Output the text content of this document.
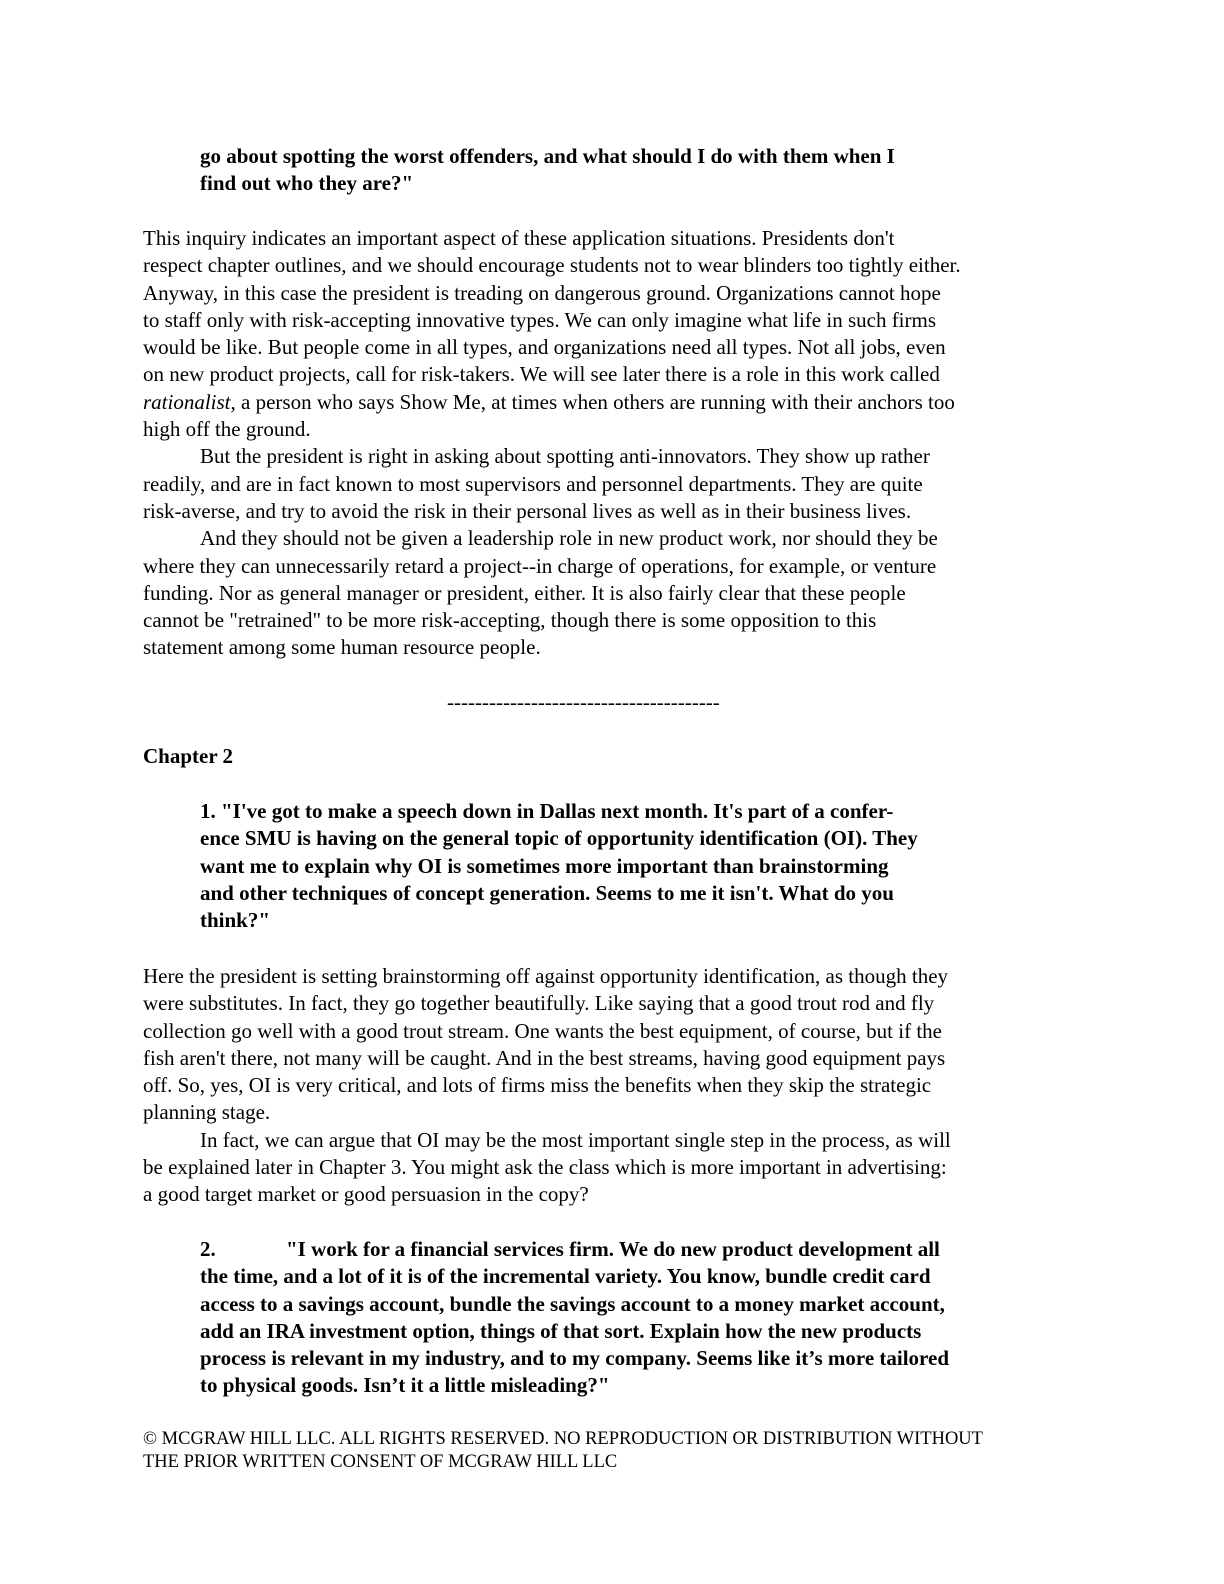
go about spotting the worst offenders, and what should I do with them when I
find out who they are?"
This inquiry indicates an important aspect of these application situations. Presidents don't
respect chapter outlines, and we should encourage students not to wear blinders too tightly either.
Anyway, in this case the president is treading on dangerous ground. Organizations cannot hope
to staff only with risk-accepting innovative types. We can only imagine what life in such firms
would be like. But people come in all types, and organizations need all types. Not all jobs, even
on new product projects, call for risk-takers. We will see later there is a role in this work called
rationalist, a person who says Show Me, at times when others are running with their anchors too
high off the ground.
But the president is right in asking about spotting anti-innovators. They show up rather
readily, and are in fact known to most supervisors and personnel departments. They are quite
risk-averse, and try to avoid the risk in their personal lives as well as in their business lives.
And they should not be given a leadership role in new product work, nor should they be
where they can unnecessarily retard a project--in charge of operations, for example, or venture
funding. Nor as general manager or president, either. It is also fairly clear that these people
cannot be "retrained" to be more risk-accepting, though there is some opposition to this
statement among some human resource people.
---------------------------------------
Chapter 2
1. "I've got to make a speech down in Dallas next month. It's part of a confer-
ence SMU is having on the general topic of opportunity identification (OI). They
want me to explain why OI is sometimes more important than brainstorming
and other techniques of concept generation. Seems to me it isn't. What do you
think?"
Here the president is setting brainstorming off against opportunity identification, as though they
were substitutes. In fact, they go together beautifully. Like saying that a good trout rod and fly
collection go well with a good trout stream. One wants the best equipment, of course, but if the
fish aren't there, not many will be caught. And in the best streams, having good equipment pays
off. So, yes, OI is very critical, and lots of firms miss the benefits when they skip the strategic
planning stage.
In fact, we can argue that OI may be the most important single step in the process, as will
be explained later in Chapter 3. You might ask the class which is more important in advertising:
a good target market or good persuasion in the copy?
2.	"I work for a financial services firm. We do new product development all
the time, and a lot of it is of the incremental variety. You know, bundle credit card
access to a savings account, bundle the savings account to a money market account,
add an IRA investment option, things of that sort. Explain how the new products
process is relevant in my industry, and to my company. Seems like it’s more tailored
to physical goods. Isn’t it a little misleading?"
© MCGRAW HILL LLC. ALL RIGHTS RESERVED. NO REPRODUCTION OR DISTRIBUTION WITHOUT
THE PRIOR WRITTEN CONSENT OF MCGRAW HILL LLC
